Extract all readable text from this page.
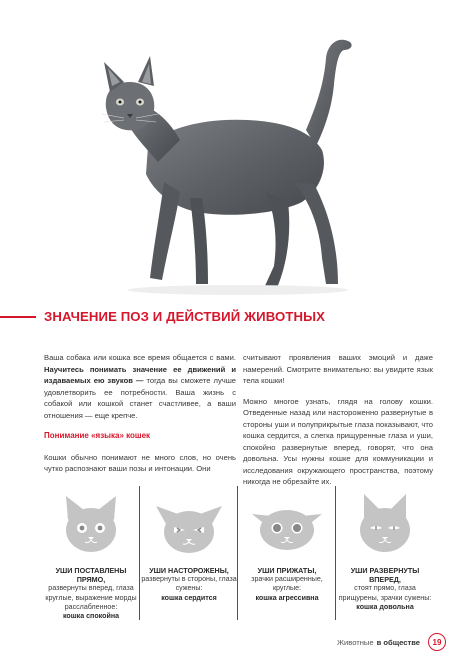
ЗНАЧЕНИЕ ПОЗ И ДЕЙСТВИЙ ЖИВОТНЫХ

Ваша собака или кошка все время общается с вами. Научитесь понимать значение ее движений и издаваемых ею звуков — тогда вы сможете лучше удовлетворить ее потребности. Ваша жизнь с собакой или кошкой станет счастливее, а ваши отношения — еще крепче.

Понимание «языка» кошек

Кошки обычно понимают не много слов, но очень чутко распознают ваши позы и интонации. Они

считывают проявления ваших эмоций и даже намерений. Смотрите внимательно: вы увидите язык тела кошки!

Можно многое узнать, глядя на голову кошки. Отведенные назад или настороженно развернутые в стороны уши и полуприкрытые глаза показывают, что кошка сердится, а слегка прищуренные глаза и уши, спокойно развернутые вперед, говорят, что она довольна. Усы нужны кошке для коммуникации и исследования окружающего пространства, поэтому никогда не обрезайте их.

УШИ ПОСТАВЛЕНЫ ПРЯМО,
развернуты вперед, глаза круглые, выражение морды расслабленное:
кошка спокойна
УШИ НАСТОРОЖЕНЫ,
развернуты в стороны, глаза сужены:
кошка сердится
УШИ ПРИЖАТЫ,
зрачки расширенные, круглые:
кошка агрессивна
УШИ РАЗВЕРНУТЫ ВПЕРЕД,
стоят прямо, глаза прищурены, зрачки сужены:
кошка довольна
Животные в обществе	19
